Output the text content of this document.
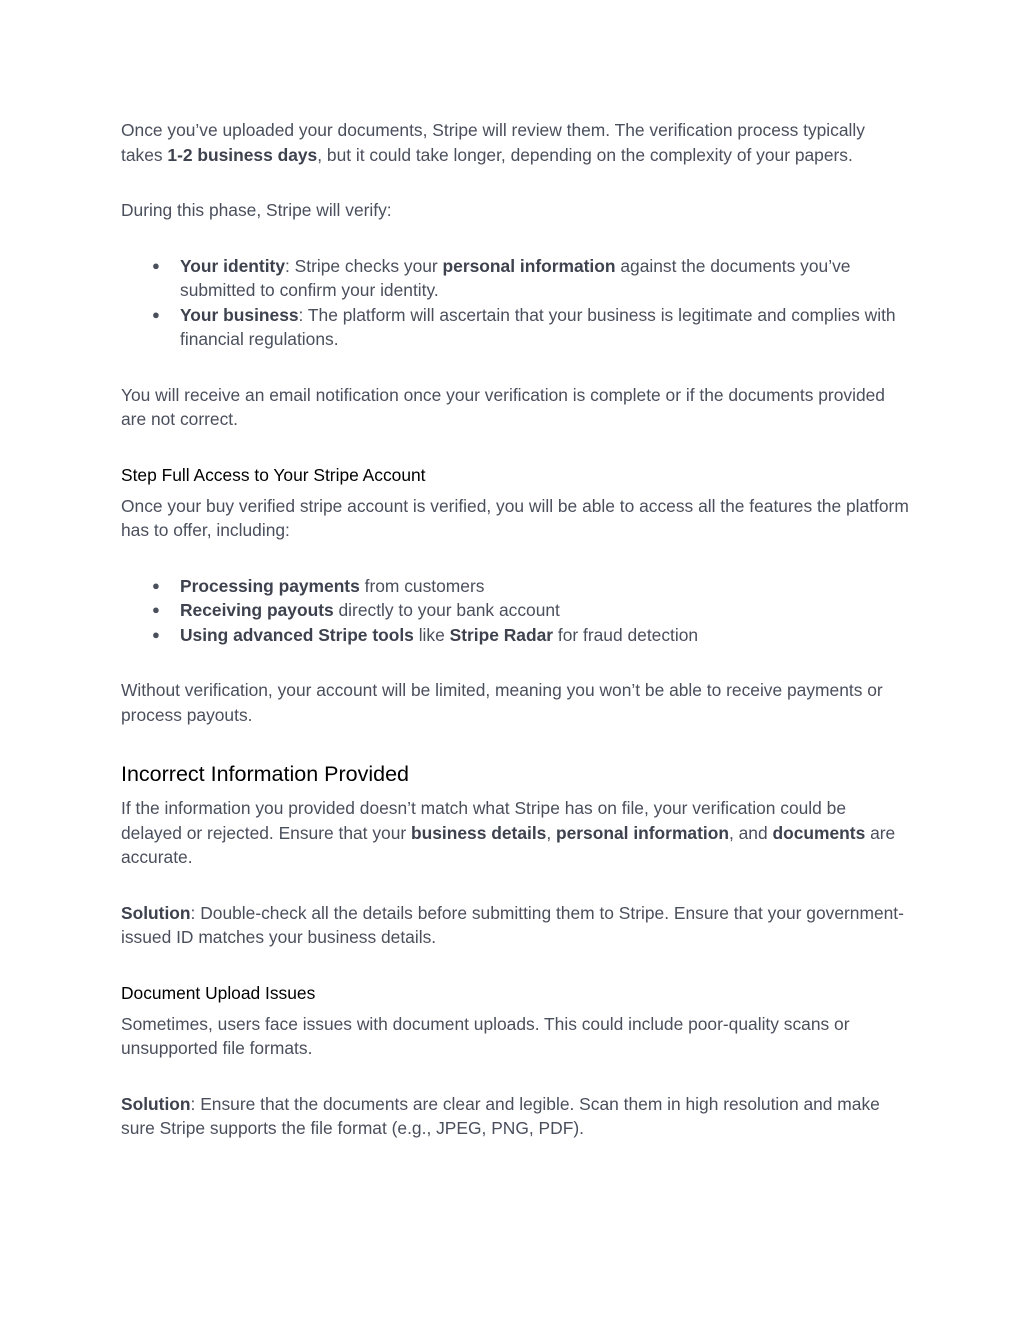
Once you’ve uploaded your documents, Stripe will review them. The verification process typically takes 1-2 business days, but it could take longer, depending on the complexity of your papers.

During this phase, Stripe will verify:

● Your identity: Stripe checks your personal information against the documents you’ve submitted to confirm your identity.
● Your business: The platform will ascertain that your business is legitimate and complies with financial regulations.

You will receive an email notification once your verification is complete or if the documents provided are not correct.

Step Full Access to Your Stripe Account

Once your buy verified stripe account is verified, you will be able to access all the features the platform has to offer, including:

● Processing payments from customers
● Receiving payouts directly to your bank account
● Using advanced Stripe tools like Stripe Radar for fraud detection

Without verification, your account will be limited, meaning you won’t be able to receive payments or process payouts.

Incorrect Information Provided

If the information you provided doesn’t match what Stripe has on file, your verification could be delayed or rejected. Ensure that your business details, personal information, and documents are accurate.

Solution: Double-check all the details before submitting them to Stripe. Ensure that your government-issued ID matches your business details.

Document Upload Issues

Sometimes, users face issues with document uploads. This could include poor-quality scans or unsupported file formats.

Solution: Ensure that the documents are clear and legible. Scan them in high resolution and make sure Stripe supports the file format (e.g., JPEG, PNG, PDF).
